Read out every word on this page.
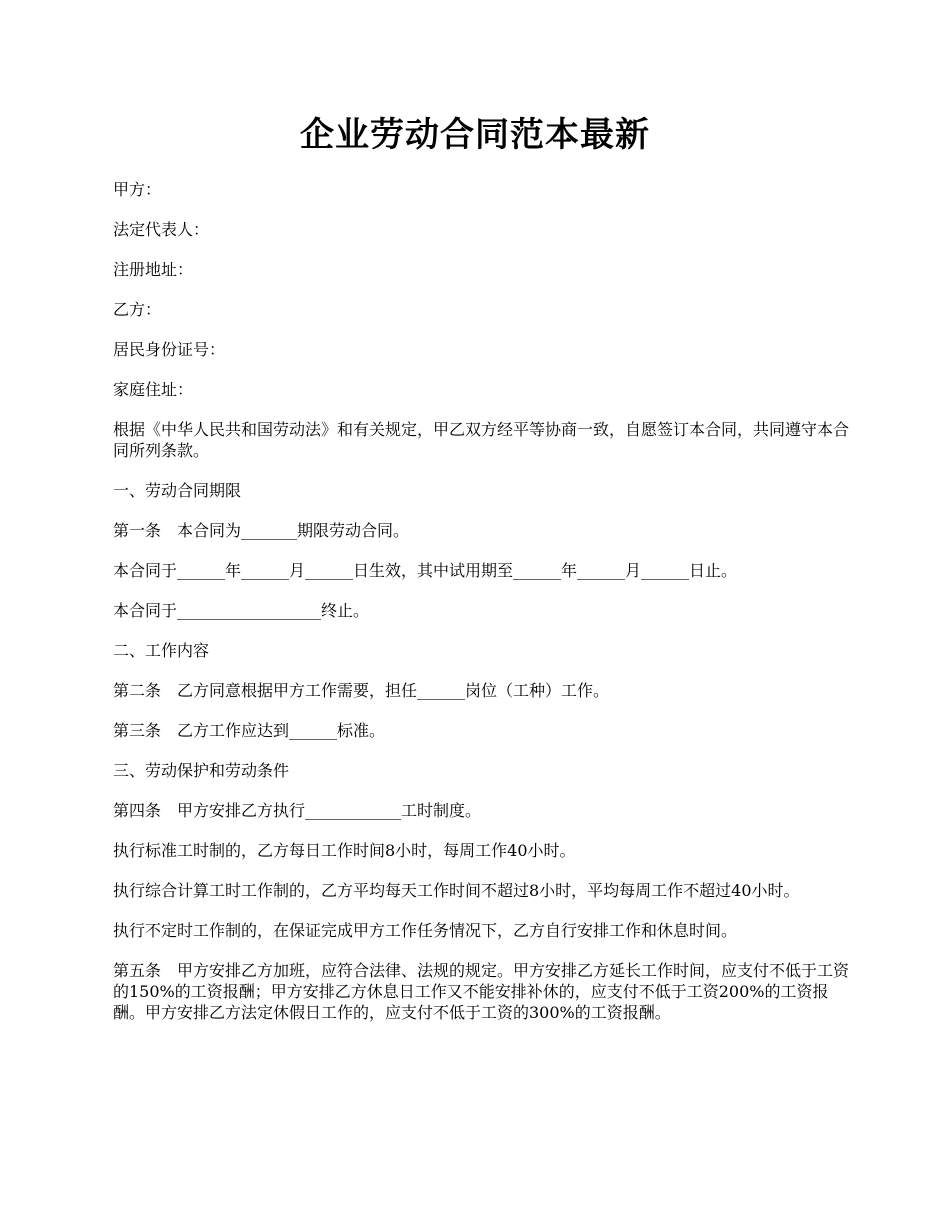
企业劳动合同范本最新

甲方：

法定代表人：

注册地址：

乙方：

居民身份证号：

家庭住址：

根据《中华人民共和国劳动法》和有关规定，甲乙双方经平等协商一致，自愿签订本合同，共同遵守本合同所列条款。

一、劳动合同期限

第一条　本合同为_______期限劳动合同。

本合同于______年______月______日生效，其中试用期至______年______月______日止。

本合同于__________________终止。

二、工作内容

第二条　乙方同意根据甲方工作需要，担任______岗位（工种）工作。

第三条　乙方工作应达到______标准。

三、劳动保护和劳动条件

第四条　甲方安排乙方执行____________工时制度。

执行标准工时制的，乙方每日工作时间8小时，每周工作40小时。

执行综合计算工时工作制的，乙方平均每天工作时间不超过8小时，平均每周工作不超过40小时。

执行不定时工作制的，在保证完成甲方工作任务情况下，乙方自行安排工作和休息时间。

第五条　甲方安排乙方加班，应符合法律、法规的规定。甲方安排乙方延长工作时间，应支付不低于工资的150%的工资报酬；甲方安排乙方休息日工作又不能安排补休的，应支付不低于工资200%的工资报酬。甲方安排乙方法定休假日工作的，应支付不低于工资的300%的工资报酬。
